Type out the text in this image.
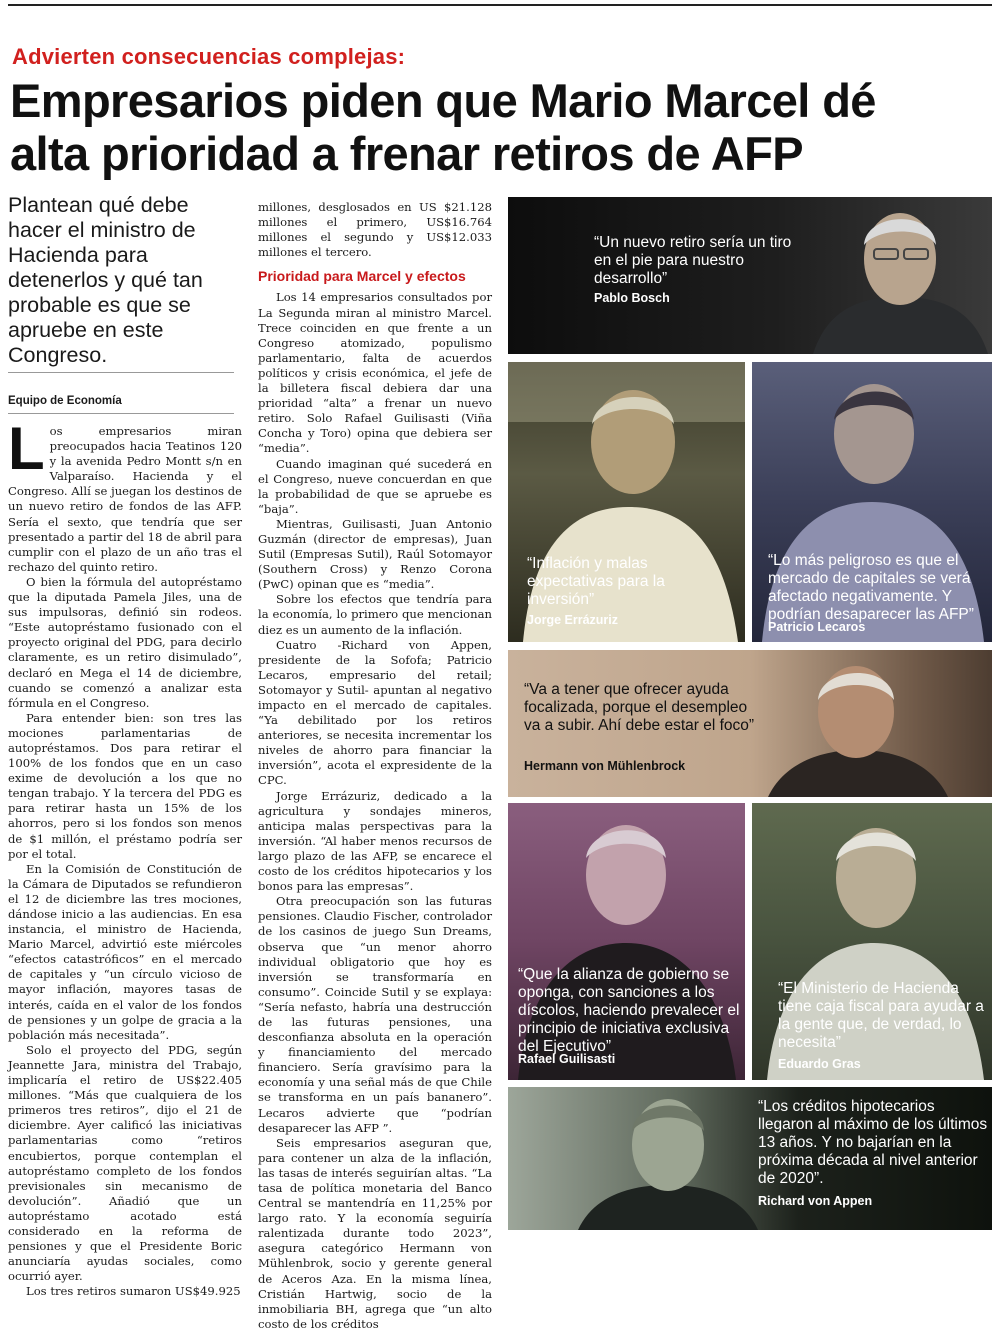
Advierten consecuencias complejas:
Empresarios piden que Mario Marcel dé
alta prioridad a frenar retiros de AFP

Plantean qué debe hacer el ministro de Hacienda para detenerlos y qué tan probable es que se apruebe en este Congreso.

Equipo de Economía

Los empresarios miran preocupados hacia Teatinos 120 y la avenida Pedro Montt s/n en Valparaíso. Hacienda y el Congreso. Allí se juegan los destinos de un nuevo retiro de fondos de las AFP. Sería el sexto, que tendría que ser presentado a partir del 18 de abril para cumplir con el plazo de un año tras el rechazo del quinto retiro.

O bien la fórmula del autopréstamo que la diputada Pamela Jiles, una de sus impulsoras, definió sin rodeos. “Este autopréstamo fusionado con el proyecto original del PDG, para decirlo claramente, es un retiro disimulado”, declaró en Mega el 14 de diciembre, cuando se comenzó a analizar esta fórmula en el Congreso.

Para entender bien: son tres las mociones parlamentarias de autopréstamos. Dos para retirar el 100% de los fondos que en un caso exime de devolución a los que no tengan trabajo. Y la tercera del PDG es para retirar hasta un 15% de los ahorros, pero si los fondos son menos de $1 millón, el préstamo podría ser por el total.

En la Comisión de Constitución de la Cámara de Diputados se refundieron el 12 de diciembre las tres mociones, dándose inicio a las audiencias. En esa instancia, el ministro de Hacienda, Mario Marcel, advirtió este miércoles “efectos catastróficos” en el mercado de capitales y “un círculo vicioso de mayor inflación, mayores tasas de interés, caída en el valor de los fondos de pensiones y un golpe de gracia a la población más necesitada”.

Solo el proyecto del PDG, según Jeannette Jara, ministra del Trabajo, implicaría el retiro de US$22.405 millones. “Más que cualquiera de los primeros tres retiros”, dijo el 21 de diciembre. Ayer calificó las iniciativas parlamentarias como “retiros encubiertos, porque contemplan el autopréstamo completo de los fondos previsionales sin mecanismo de devolución”. Añadió que un autopréstamo acotado está considerado en la reforma de pensiones y que el Presidente Boric anunciaría ayudas sociales, como ocurrió ayer.

Los tres retiros sumaron US$49.925

millones, desglosados en US $21.128 millones el primero, US$16.764 millones el segundo y US$12.033 millones el tercero.

Prioridad para Marcel y efectos

Los 14 empresarios consultados por La Segunda miran al ministro Marcel. Trece coinciden en que frente a un Congreso atomizado, populismo parlamentario, falta de acuerdos políticos y crisis económica, el jefe de la billetera fiscal debiera dar una prioridad “alta” a frenar un nuevo retiro. Solo Rafael Guilisasti (Viña Concha y Toro) opina que debiera ser “media”.

Cuando imaginan qué sucederá en el Congreso, nueve concuerdan en que la probabilidad de que se apruebe es “baja”.

Mientras, Guilisasti, Juan Antonio Guzmán (director de empresas), Juan Sutil (Empresas Sutil), Raúl Sotomayor (Southern Cross) y Renzo Corona (PwC) opinan que es “media”.

Sobre los efectos que tendría para la economía, lo primero que mencionan diez es un aumento de la inflación.

Cuatro -Richard von Appen, presidente de la Sofofa; Patricio Lecaros, empresario del retail; Sotomayor y Sutil- apuntan al negativo impacto en el mercado de capitales. “Ya debilitado por los retiros anteriores, se necesita incrementar los niveles de ahorro para financiar la inversión”, acota el expresidente de la CPC.

Jorge Errázuriz, dedicado a la agricultura y sondajes mineros, anticipa malas perspectivas para la inversión. “Al haber menos recursos de largo plazo de las AFP, se encarece el costo de los créditos hipotecarios y los bonos para las empresas”.

Otra preocupación son las futuras pensiones. Claudio Fischer, controlador de los casinos de juego Sun Dreams, observa que “un menor ahorro individual obligatorio que hoy es inversión se transformaría en consumo”. Coincide Sutil y se explaya: “Sería nefasto, habría una destrucción de las futuras pensiones, una desconfianza absoluta en la operación y financiamiento del mercado financiero. Sería gravísimo para la economía y una señal más de que Chile se transforma en un país bananero”. Lecaros advierte que “podrían desaparecer las AFP ”.

Seis empresarios aseguran que, para contener un alza de la inflación, las tasas de interés seguirían altas. “La tasa de política monetaria del Banco Central se mantendría en 11,25% por largo rato. Y la economía seguiría ralentizada durante todo 2023”, asegura categórico Hermann von Mühlenbrok, socio y gerente general de Aceros Aza. En la misma línea, Cristián Hartwig, socio de la inmobiliaria BH, agrega que “un alto costo de los créditos

“Un nuevo retiro sería un tiro en el pie para nuestro desarrollo”

Pablo Bosch

“Inflación y malas expectativas para la inversión”

Jorge Errázuriz

“Lo más peligroso es que el mercado de capitales se verá afectado negativamente. Y podrían desaparecer las AFP”

Patricio Lecaros

“Va a tener que ofrecer ayuda focalizada, porque el desempleo va a subir. Ahí debe estar el foco”

Hermann von Mühlenbrock

“Que la alianza de gobierno se oponga, con sanciones a los díscolos, haciendo prevalecer el principio de iniciativa exclusiva del Ejecutivo”

Rafael Guilisasti

“El Ministerio de Hacienda tiene caja fiscal para ayudar a la gente que, de verdad, lo necesita”

Eduardo Gras

“Los créditos hipotecarios llegaron al máximo de los últimos 13 años. Y no bajarían en la próxima década al nivel anterior de 2020”.

Richard von Appen
